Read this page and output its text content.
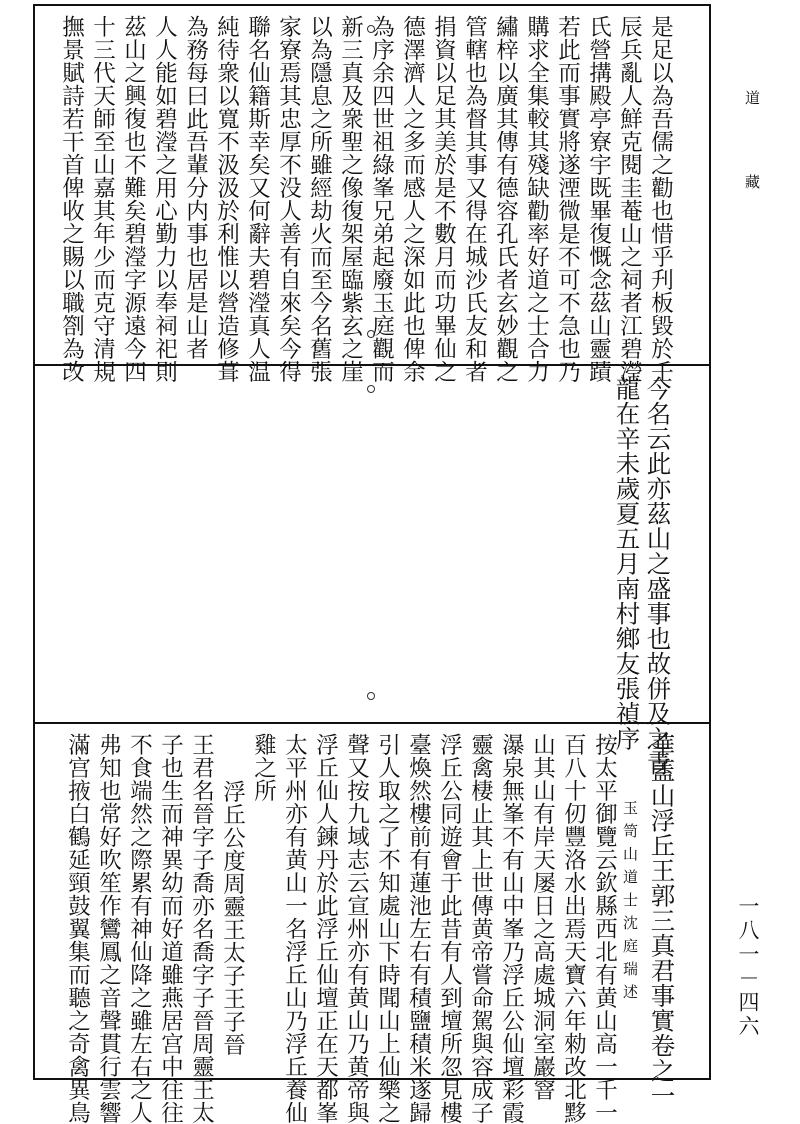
道
藏
一八一－四六
是足以為吾儒之勸也惜乎刋板毀於壬
辰兵亂人鮮克閱圭菴山之祠者江碧瀅
氏營搆殿亭寮宇既畢復慨念茲山靈蹟
若此而事實將遂湮微是不可不急也乃
購求全集較其殘缺勸率好道之士合力
繡梓以廣其傳有德容孔氏者玄妙觀之
管轄也為督其事又得在城沙氏友和者
捐資以足其美於是不數月而功畢仙之
德澤濟人之多而感人之深如此也俾余
為序余四世祖綠峯兄弟起廢玉庭觀而
新三真及衆聖之像復架屋臨紫玄之崖
以為隱息之所雖經劫火而至今名舊張
家寮焉其忠厚不没人善有自來矣今得
聯名仙籍斯幸矣又何辭夫碧瀅真人温
純待衆以寬不汲汲於利惟以營造修葺
為務每曰此吾輩分内事也居是山者
人人能如碧瀅之用心勤力以奉祠祀則
茲山之興復也不難矣碧瀅字源遠今四
十三代天師至山嘉其年少而克守清規
撫景賦詩若干首俾收之賜以職劄為改
今名云此亦茲山之盛事也故併及之青
龍在辛未歲夏五月南村鄉友張禎序
華蓋山浮丘王郭三真君事實卷之一
玉笥山道士沈庭瑞述
按太平御覽云欽縣西北有黄山高一千一
百八十仞豐洛水出焉天寶六年勑改北黟
山其山有岸天屡日之高處城洞室巖窨
瀑泉無峯不有山中峯乃浮丘公仙壇彩霞
靈禽棲止其上世傳黄帝嘗命駕與容成子
浮丘公同遊會于此昔有人到壇所忽見樓
臺煥然樓前有蓮池左右有積鹽積米遂歸
引人取之了不知處山下時聞山上仙樂之
聲又按九域志云宣州亦有黄山乃黄帝與
浮丘仙人鍊丹於此浮丘仙壇正在天都峯
太平州亦有黄山一名浮丘山乃浮丘養仙
雞之所
浮丘公度周靈王太子王子晉
王君名晉字子喬亦名喬字子晉周靈王太
子也生而神異幼而好道雖燕居宫中往往
不食端然之際累有神仙降之雖左右之人
弗知也常好吹笙作鸞鳳之音聲貫行雲響
滿宫掖白鶴延頸鼓翼集而聽之奇禽異鳥
